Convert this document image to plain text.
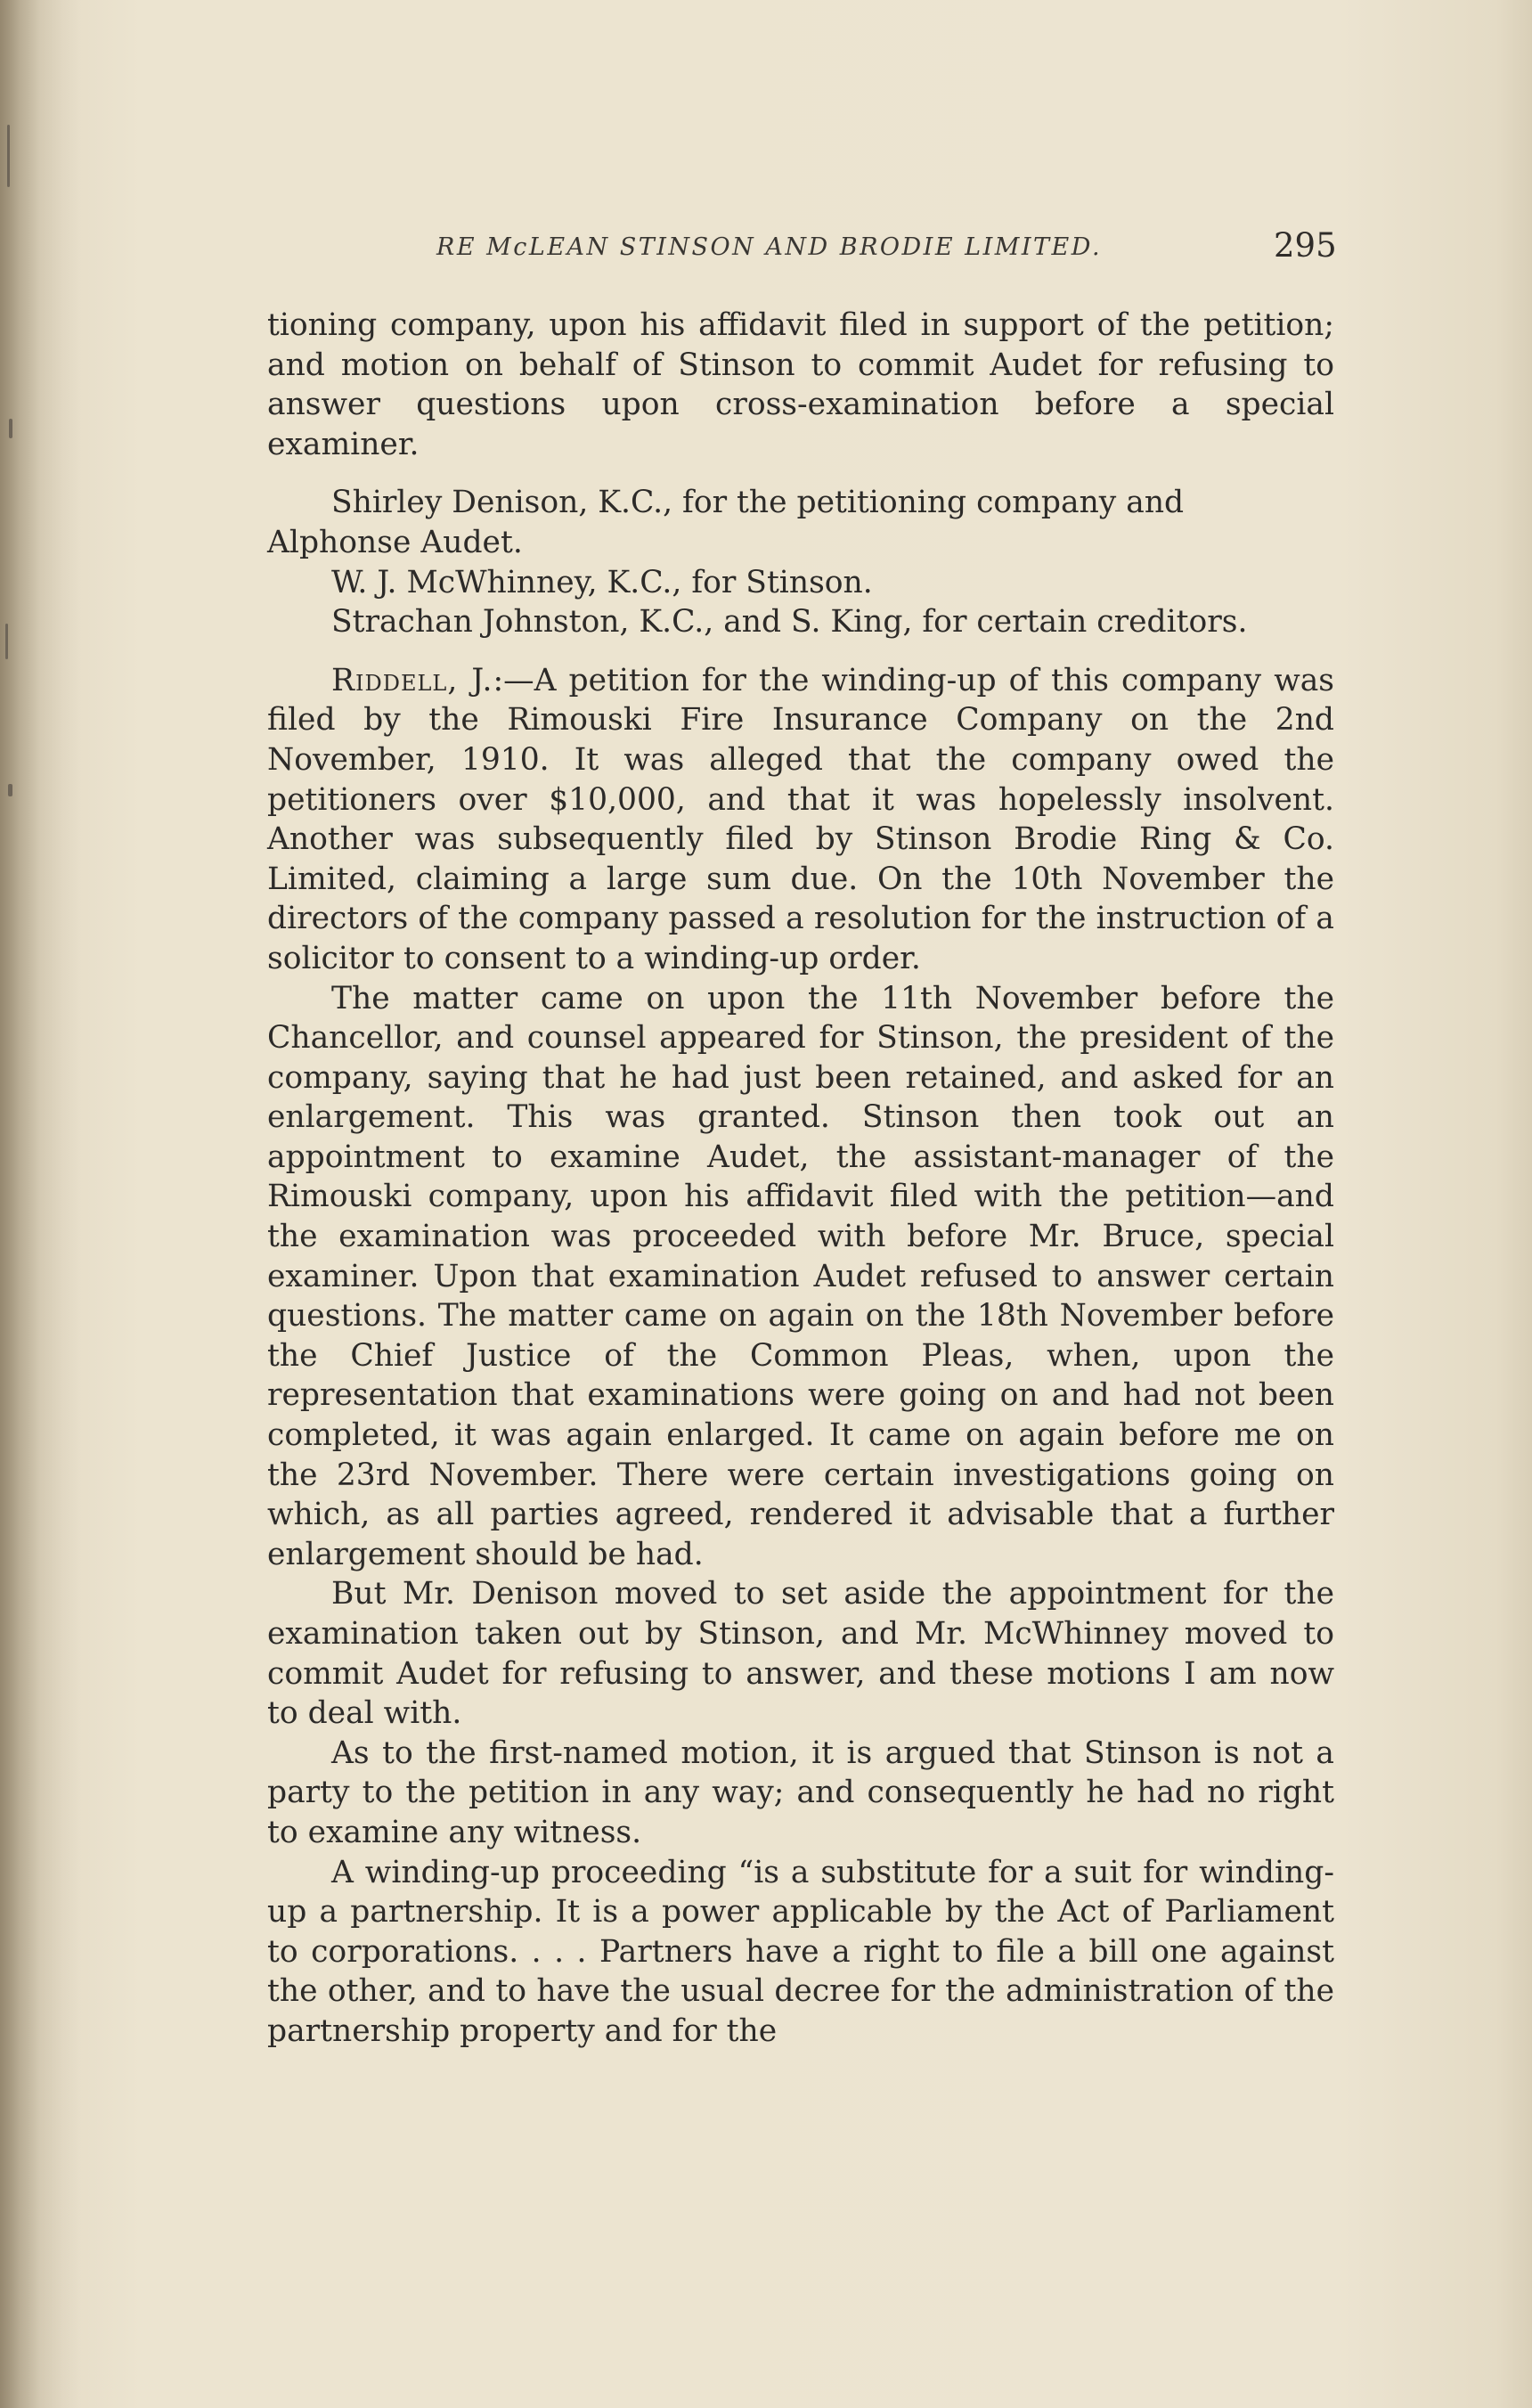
RE McLEAN STINSON AND BRODIE LIMITED.	295

tioning company, upon his affidavit filed in support of the petition; and motion on behalf of Stinson to commit Audet for refusing to answer questions upon cross-examination before a special examiner.

Shirley Denison, K.C., for the petitioning company and Alphonse Audet.

W. J. McWhinney, K.C., for Stinson.

Strachan Johnston, K.C., and S. King, for certain creditors.

Riddell, J.:—A petition for the winding-up of this company was filed by the Rimouski Fire Insurance Company on the 2nd November, 1910. It was alleged that the company owed the petitioners over $10,000, and that it was hopelessly insolvent. Another was subsequently filed by Stinson Brodie Ring & Co. Limited, claiming a large sum due. On the 10th November the directors of the company passed a resolution for the instruction of a solicitor to consent to a winding-up order.

The matter came on upon the 11th November before the Chancellor, and counsel appeared for Stinson, the president of the company, saying that he had just been retained, and asked for an enlargement. This was granted. Stinson then took out an appointment to examine Audet, the assistant-manager of the Rimouski company, upon his affidavit filed with the petition—and the examination was proceeded with before Mr. Bruce, special examiner. Upon that examination Audet refused to answer certain questions. The matter came on again on the 18th November before the Chief Justice of the Common Pleas, when, upon the representation that examinations were going on and had not been completed, it was again enlarged. It came on again before me on the 23rd November. There were certain investigations going on which, as all parties agreed, rendered it advisable that a further enlargement should be had.

But Mr. Denison moved to set aside the appointment for the examination taken out by Stinson, and Mr. McWhinney moved to commit Audet for refusing to answer, and these motions I am now to deal with.

As to the first-named motion, it is argued that Stinson is not a party to the petition in any way; and consequently he had no right to examine any witness.

A winding-up proceeding “is a substitute for a suit for winding-up a partnership. It is a power applicable by the Act of Parliament to corporations. . . . Partners have a right to file a bill one against the other, and to have the usual decree for the administration of the partnership property and for the
